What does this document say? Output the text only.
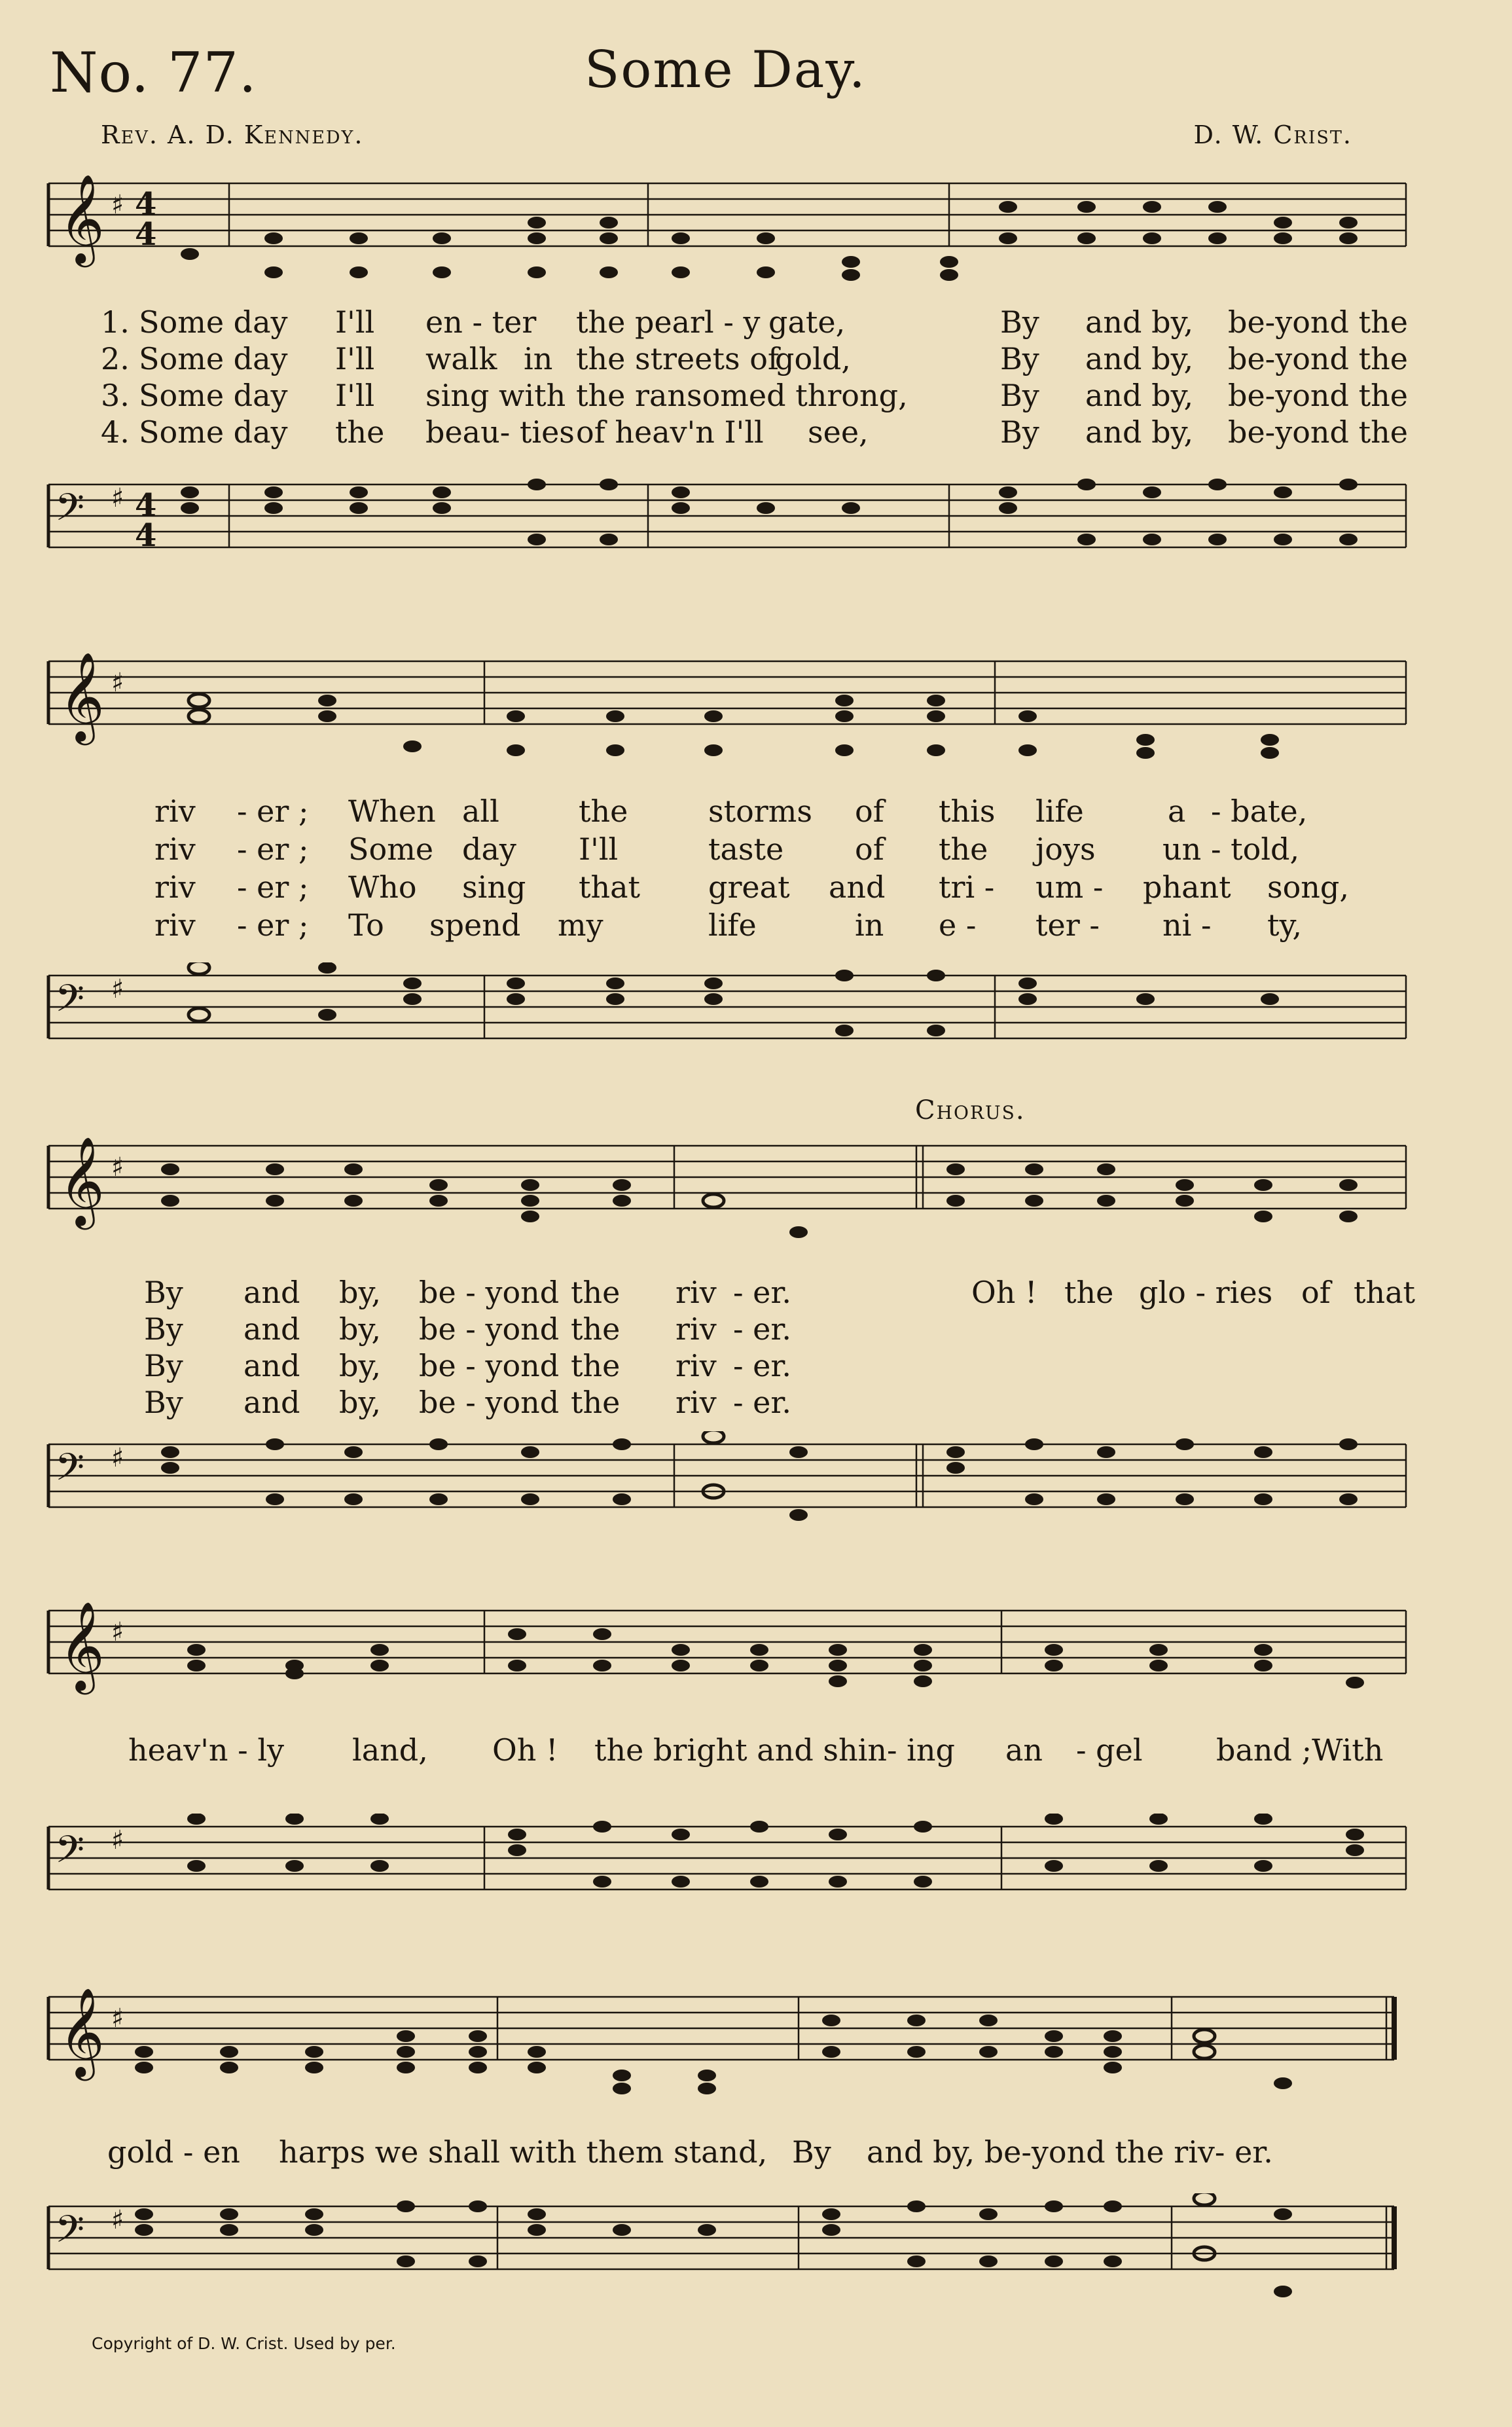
No. 77.	Some Day.
Rev. A. D. Kennedy.	D. W. Crist.
𝄞 ♯ 4
4
1. Some day I'll en - ter the pearl - y gate,	By and by, be-yond the
2. Some day I'll walk in the streets of
gold,	By and by, be-yond the
3. Some day I'll sing with the ransomed throng,	By and by, be-yond the
4. Some day the beau- ties of heav'n I'll see,	By and by, be-yond the
𝄢 ♯ 4
4
𝄞 ♯
riv - er ; When all	the	storms of this life	a - bate,
riv - er ; Some day I'll	taste of the joys un - told,
riv - er ; Who sing that great and tri - um - phant song,
riv - er ; To spend my	life	in e - ter - ni - ty,
𝄢 ♯
Chorus.
𝄞 ♯
By and by, be - yond the riv - er.	Oh ! the glo - ries of that
By and by, be - yond the riv - er.
By and by, be - yond the riv - er.
By and by, be - yond the riv - er.
𝄢 ♯
𝄞 ♯
heav'n - ly land, Oh ! the bright and shin- ing an - gel band ;With
𝄢 ♯
𝄞 ♯
gold - en harps we shall with them stand, By and by, be-yond the riv- er.
𝄢 ♯
Copyright of D. W. Crist. Used by per.
